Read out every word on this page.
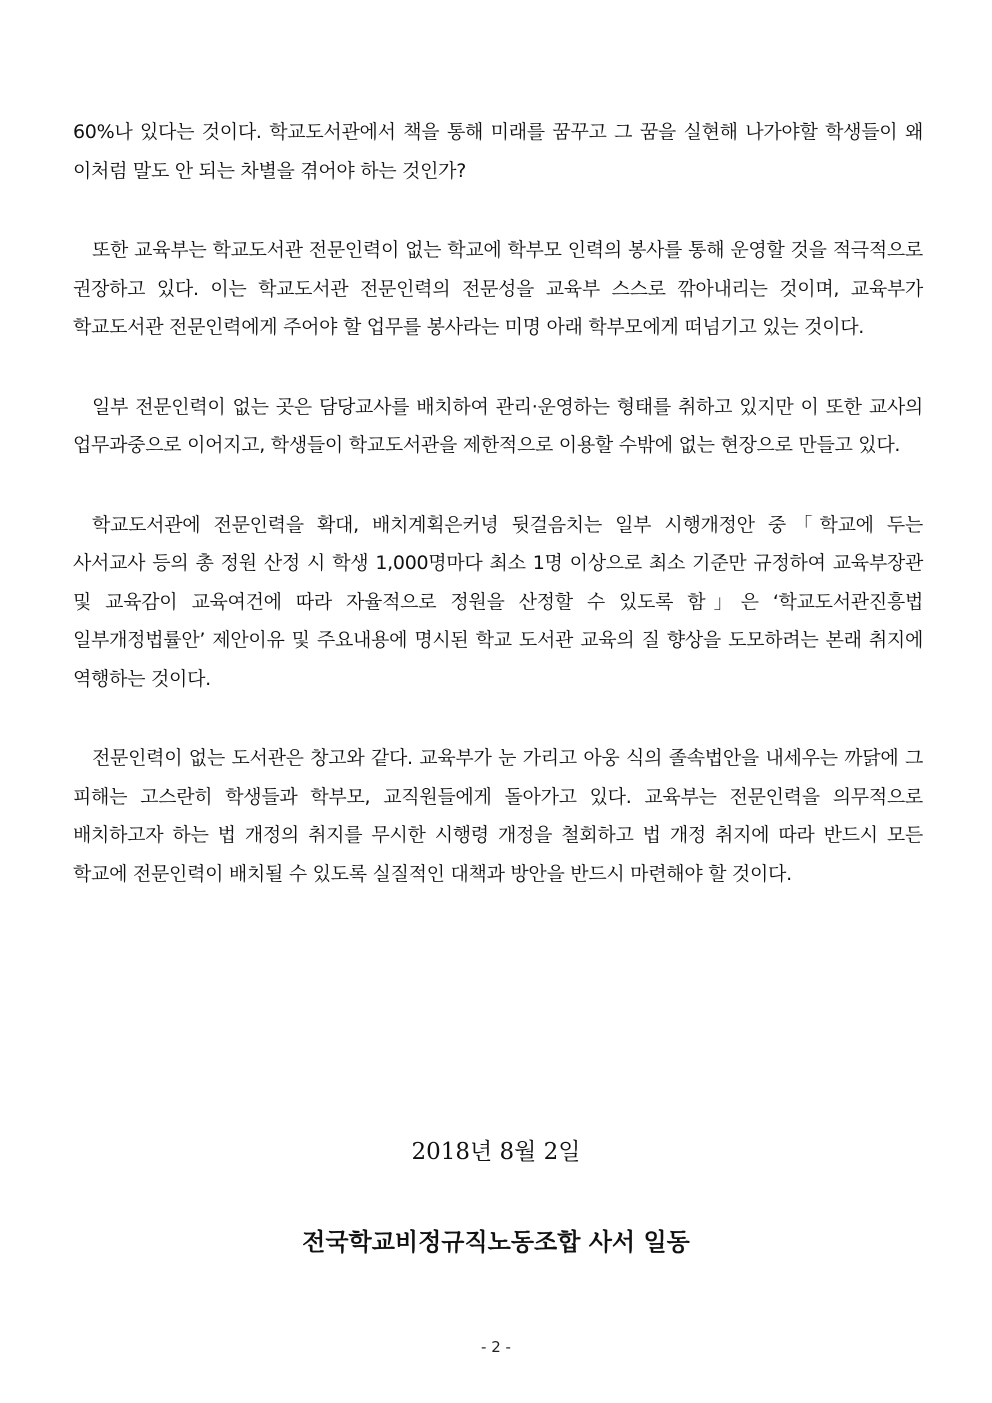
60%나 있다는 것이다. 학교도서관에서 책을 통해 미래를 꿈꾸고 그 꿈을 실현해 나가야할 학생들이 왜 이처럼 말도 안 되는 차별을 겪어야 하는 것인가?

또한 교육부는 학교도서관 전문인력이 없는 학교에 학부모 인력의 봉사를 통해 운영할 것을 적극적으로 권장하고 있다. 이는 학교도서관 전문인력의 전문성을 교육부 스스로 깎아내리는 것이며, 교육부가 학교도서관 전문인력에게 주어야 할 업무를 봉사라는 미명 아래 학부모에게 떠넘기고 있는 것이다.

일부 전문인력이 없는 곳은 담당교사를 배치하여 관리·운영하는 형태를 취하고 있지만 이 또한 교사의 업무과중으로 이어지고, 학생들이 학교도서관을 제한적으로 이용할 수밖에 없는 현장으로 만들고 있다.

학교도서관에 전문인력을 확대, 배치계획은커녕 뒷걸음치는 일부 시행개정안 중「학교에 두는 사서교사 등의 총 정원 산정 시 학생 1,000명마다 최소 1명 이상으로 최소 기준만 규정하여 교육부장관 및 교육감이 교육여건에 따라 자율적으로 정원을 산정할 수 있도록 함」은 ‘학교도서관진흥법 일부개정법률안’ 제안이유 및 주요내용에 명시된 학교 도서관 교육의 질 향상을 도모하려는 본래 취지에 역행하는 것이다.

전문인력이 없는 도서관은 창고와 같다. 교육부가 눈 가리고 아웅 식의 졸속법안을 내세우는 까닭에 그 피해는 고스란히 학생들과 학부모, 교직원들에게 돌아가고 있다. 교육부는 전문인력을 의무적으로 배치하고자 하는 법 개정의 취지를 무시한 시행령 개정을 철회하고 법 개정 취지에 따라 반드시 모든 학교에 전문인력이 배치될 수 있도록 실질적인 대책과 방안을 반드시 마련해야 할 것이다.

2018년 8월 2일
전국학교비정규직노동조합 사서 일동
- 2 -
